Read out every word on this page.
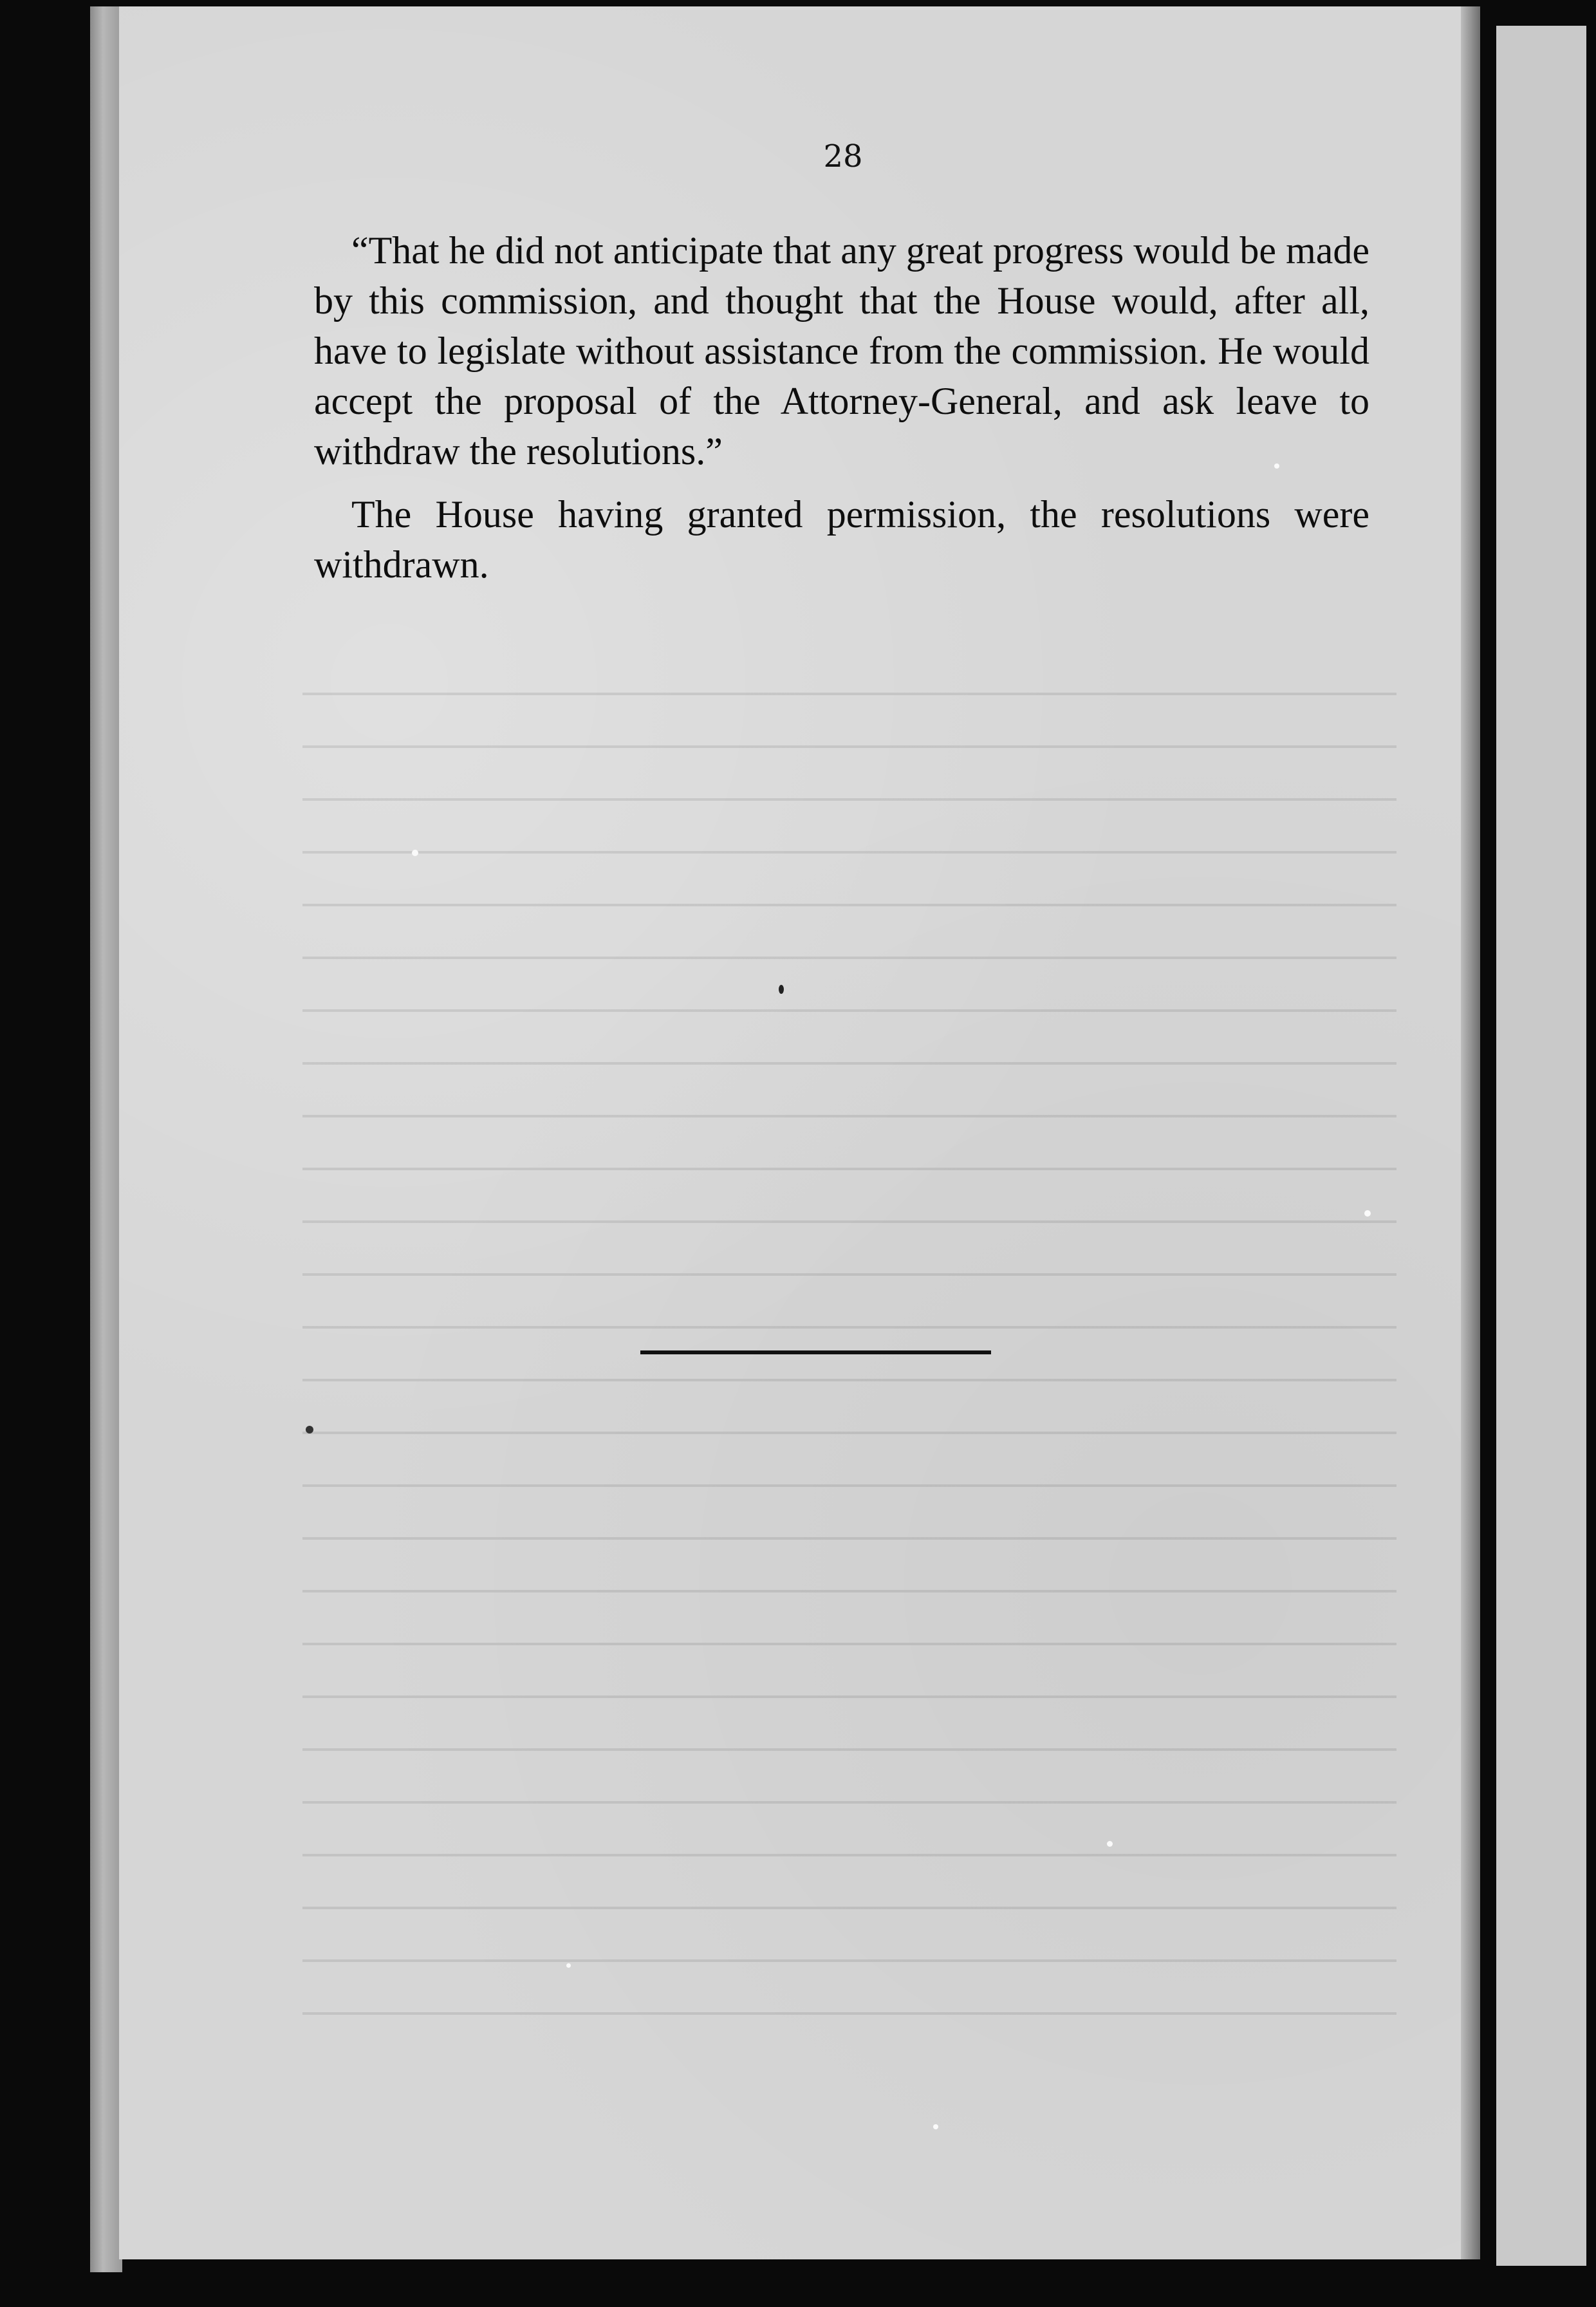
28

“That he did not anticipate that any great progress would be made by this commission, and thought that the House would, after all, have to legislate without assistance from the commission. He would accept the proposal of the Attorney-General, and ask leave to withdraw the resolutions.”

The House having granted permission, the resolutions were withdrawn.
